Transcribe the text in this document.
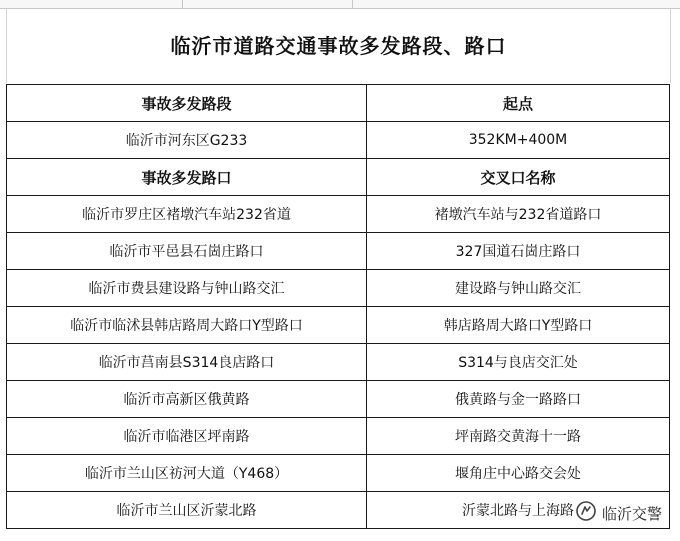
临沂市道路交通事故多发路段、路口
事故多发路段	起点
临沂市河东区G233	352KM+400M
事故多发路口	交叉口名称
临沂市罗庄区褚墩汽车站232省道	褚墩汽车站与232省道路口
临沂市平邑县石崮庄路口	327国道石崮庄路口
临沂市费县建设路与钟山路交汇	建设路与钟山路交汇
临沂市临沭县韩店路周大路口Y型路口	韩店路周大路口Y型路口
临沂市莒南县S314良店路口	S314与良店交汇处
临沂市高新区俄黄路	俄黄路与金一路路口
临沂市临港区坪南路	坪南路交黄海十一路
临沂市兰山区祊河大道（Y468）	堰角庄中心路交会处
临沂市兰山区沂蒙北路	沂蒙北路与上海路 临沂交警
